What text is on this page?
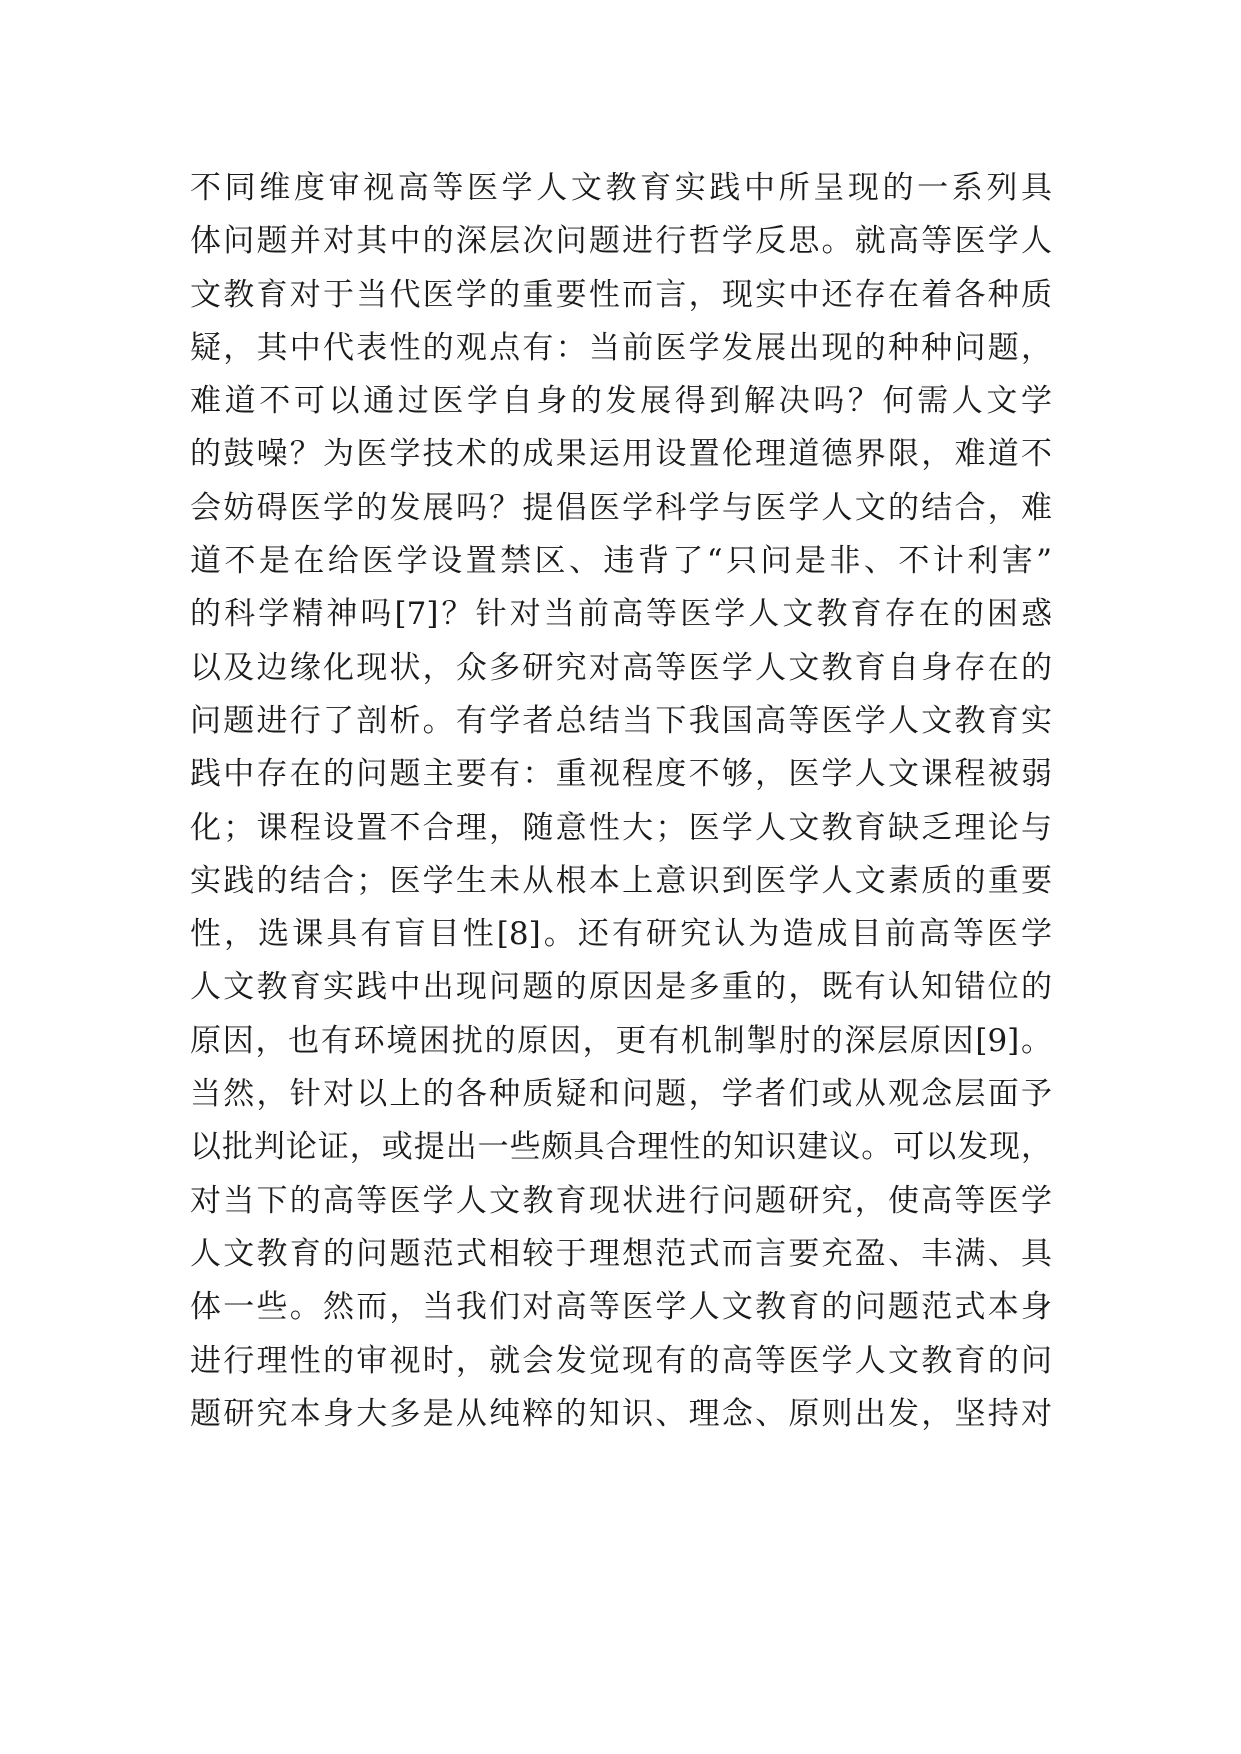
不同维度审视高等医学人文教育实践中所呈现的一系列具
体问题并对其中的深层次问题进行哲学反思。就高等医学人
文教育对于当代医学的重要性而言，现实中还存在着各种质
疑，其中代表性的观点有：当前医学发展出现的种种问题，
难道不可以通过医学自身的发展得到解决吗？何需人文学
的鼓噪？为医学技术的成果运用设置伦理道德界限，难道不
会妨碍医学的发展吗？提倡医学科学与医学人文的结合，难
道不是在给医学设置禁区、违背了“只问是非、不计利害”
的科学精神吗[7]？针对当前高等医学人文教育存在的困惑
以及边缘化现状，众多研究对高等医学人文教育自身存在的
问题进行了剖析。有学者总结当下我国高等医学人文教育实
践中存在的问题主要有：重视程度不够，医学人文课程被弱
化；课程设置不合理，随意性大；医学人文教育缺乏理论与
实践的结合；医学生未从根本上意识到医学人文素质的重要
性，选课具有盲目性[8]。还有研究认为造成目前高等医学
人文教育实践中出现问题的原因是多重的，既有认知错位的
原因，也有环境困扰的原因，更有机制掣肘的深层原因[9]。
当然，针对以上的各种质疑和问题，学者们或从观念层面予
以批判论证，或提出一些颇具合理性的知识建议。可以发现，
对当下的高等医学人文教育现状进行问题研究，使高等医学
人文教育的问题范式相较于理想范式而言要充盈、丰满、具
体一些。然而，当我们对高等医学人文教育的问题范式本身
进行理性的审视时，就会发觉现有的高等医学人文教育的问
题研究本身大多是从纯粹的知识、理念、原则出发，坚持对
